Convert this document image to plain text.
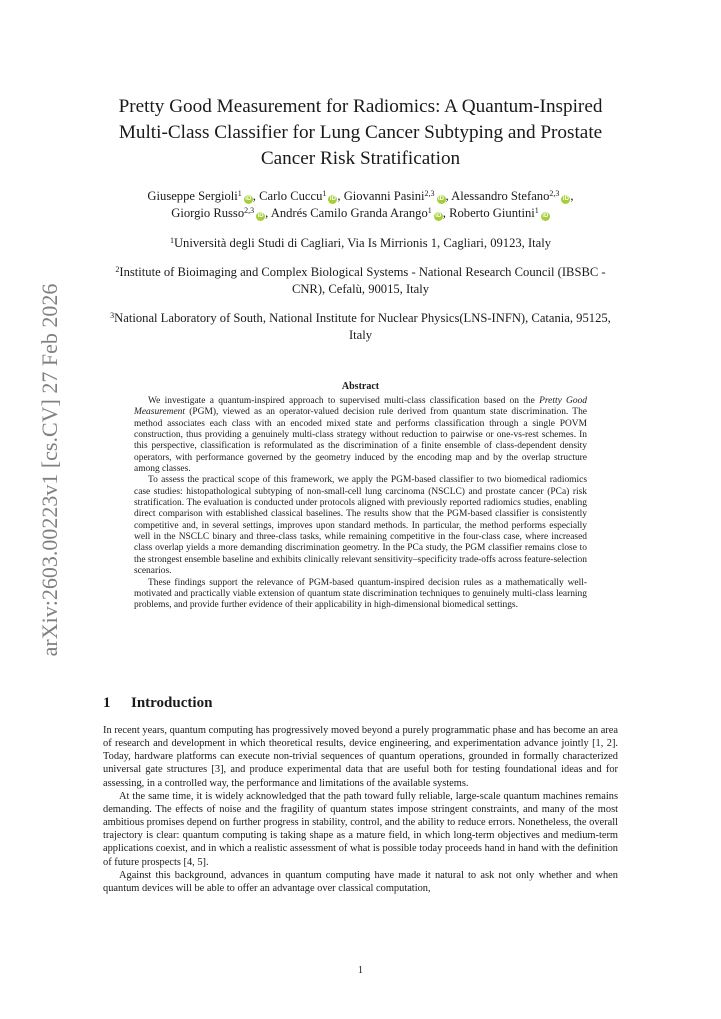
arXiv:2603.00223v1 [cs.CV] 27 Feb 2026
Pretty Good Measurement for Radiomics: A Quantum-Inspired Multi-Class Classifier for Lung Cancer Subtyping and Prostate Cancer Risk Stratification
Giuseppe Sergioli$^1$iD , Carlo Cuccu$^1$iD , Giovanni Pasini$^{2,3}$iD , Alessandro Stefano$^{2,3}$iD ,
Giorgio Russo$^{2,3}$iD , Andrés Camilo Granda Arango$^1$iD , Roberto Giuntini$^1$iD
$^1$Università degli Studi di Cagliari, Via Is Mirrionis 1, Cagliari, 09123, Italy
$^2$Institute of Bioimaging and Complex Biological Systems - National Research Council (IBSBC - CNR), Cefalù, 90015, Italy
$^3$National Laboratory of South, National Institute for Nuclear Physics(LNS-INFN), Catania, 95125, Italy
Abstract

We investigate a quantum-inspired approach to supervised multi-class classification based on the Pretty Good Measurement (PGM), viewed as an operator-valued decision rule derived from quantum state discrimination. The method associates each class with an encoded mixed state and performs classification through a single POVM construction, thus providing a genuinely multi-class strategy without reduction to pairwise or one-vs-rest schemes. In this perspective, classification is reformulated as the discrimination of a finite ensemble of class-dependent density operators, with performance governed by the geometry induced by the encoding map and by the overlap structure among classes.

To assess the practical scope of this framework, we apply the PGM-based classifier to two biomedical radiomics case studies: histopathological subtyping of non-small-cell lung carcinoma (NSCLC) and prostate cancer (PCa) risk stratification. The evaluation is conducted under protocols aligned with previously reported radiomics studies, enabling direct comparison with established classical baselines. The results show that the PGM-based classifier is consistently competitive and, in several settings, improves upon standard methods. In particular, the method performs especially well in the NSCLC binary and three-class tasks, while remaining competitive in the four-class case, where increased class overlap yields a more demanding discrimination geometry. In the PCa study, the PGM classifier remains close to the strongest ensemble baseline and exhibits clinically relevant sensitivity–specificity trade-offs across feature-selection scenarios.

These findings support the relevance of PGM-based quantum-inspired decision rules as a mathematically well-motivated and practically viable extension of quantum state discrimination techniques to genuinely multi-class learning problems, and provide further evidence of their applicability in high-dimensional biomedical settings.

1 Introduction

In recent years, quantum computing has progressively moved beyond a purely programmatic phase and has become an area of research and development in which theoretical results, device engineering, and experimentation advance jointly [1, 2]. Today, hardware platforms can execute non-trivial sequences of quantum operations, grounded in formally characterized universal gate structures [3], and produce experimental data that are useful both for testing foundational ideas and for assessing, in a controlled way, the performance and limitations of the available systems.

At the same time, it is widely acknowledged that the path toward fully reliable, large-scale quantum machines remains demanding. The effects of noise and the fragility of quantum states impose stringent constraints, and many of the most ambitious promises depend on further progress in stability, control, and the ability to reduce errors. Nonetheless, the overall trajectory is clear: quantum computing is taking shape as a mature field, in which long-term objectives and medium-term applications coexist, and in which a realistic assessment of what is possible today proceeds hand in hand with the definition of future prospects [4, 5].

Against this background, advances in quantum computing have made it natural to ask not only whether and when quantum devices will be able to offer an advantage over classical computation,

1
